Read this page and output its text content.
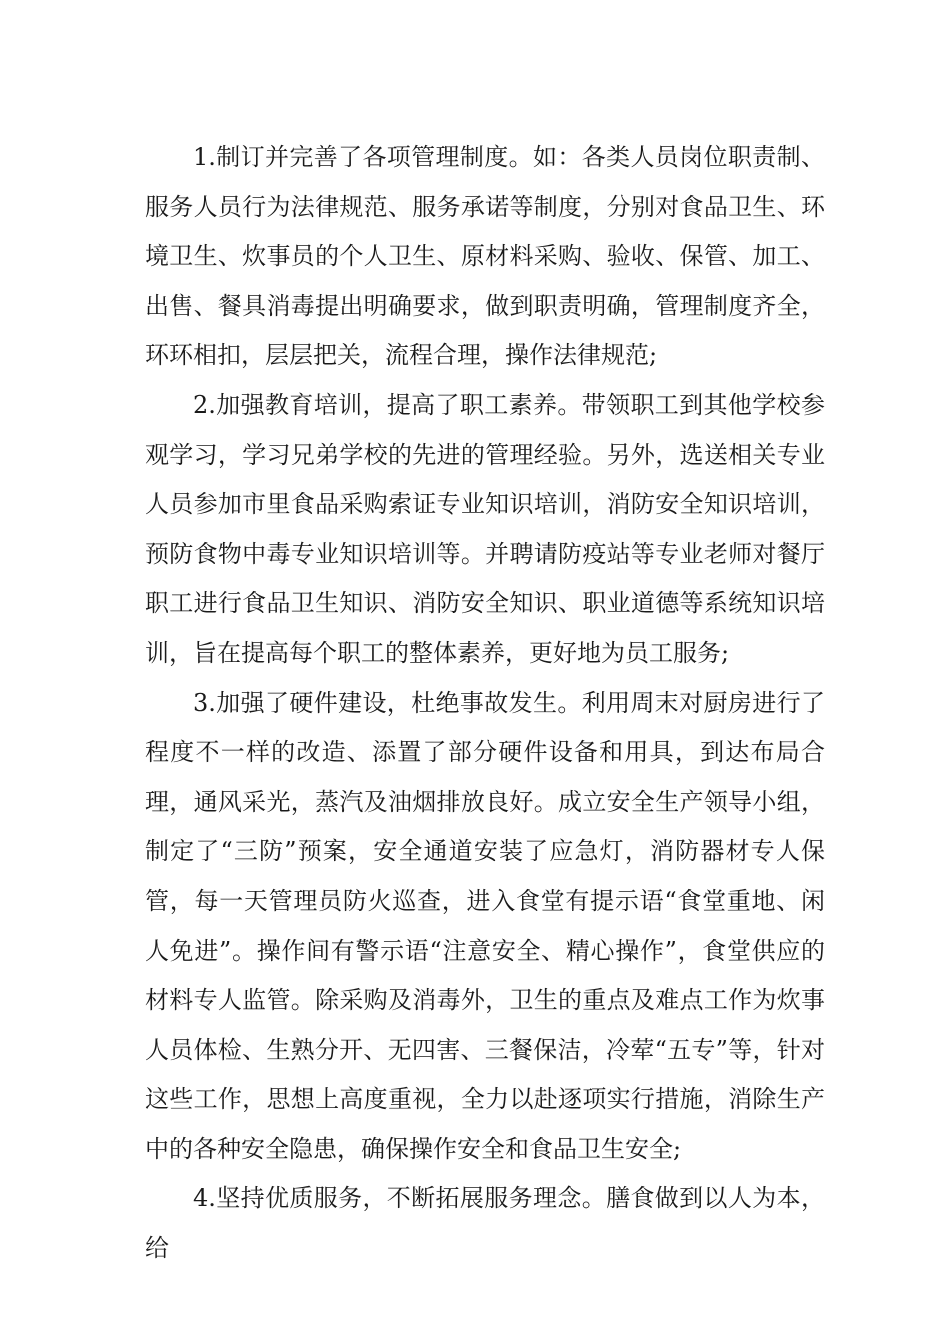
1.制订并完善了各项管理制度。如：各类人员岗位职责制、服务人员行为法律规范、服务承诺等制度，分别对食品卫生、环境卫生、炊事员的个人卫生、原材料采购、验收、保管、加工、出售、餐具消毒提出明确要求，做到职责明确，管理制度齐全，环环相扣，层层把关，流程合理，操作法律规范;

2.加强教育培训，提高了职工素养。带领职工到其他学校参观学习，学习兄弟学校的先进的管理经验。另外，选送相关专业人员参加市里食品采购索证专业知识培训，消防安全知识培训，预防食物中毒专业知识培训等。并聘请防疫站等专业老师对餐厅职工进行食品卫生知识、消防安全知识、职业道德等系统知识培训，旨在提高每个职工的整体素养，更好地为员工服务;

3.加强了硬件建设，杜绝事故发生。利用周末对厨房进行了程度不一样的改造、添置了部分硬件设备和用具，到达布局合理，通风采光，蒸汽及油烟排放良好。成立安全生产领导小组，制定了“三防”预案，安全通道安装了应急灯，消防器材专人保管，每一天管理员防火巡查，进入食堂有提示语“食堂重地、闲人免进”。操作间有警示语“注意安全、精心操作”，食堂供应的材料专人监管。除采购及消毒外，卫生的重点及难点工作为炊事人员体检、生熟分开、无四害、三餐保洁，冷荤“五专”等，针对这些工作，思想上高度重视，全力以赴逐项实行措施，消除生产中的各种安全隐患，确保操作安全和食品卫生安全;

4.坚持优质服务，不断拓展服务理念。膳食做到以人为本，给
